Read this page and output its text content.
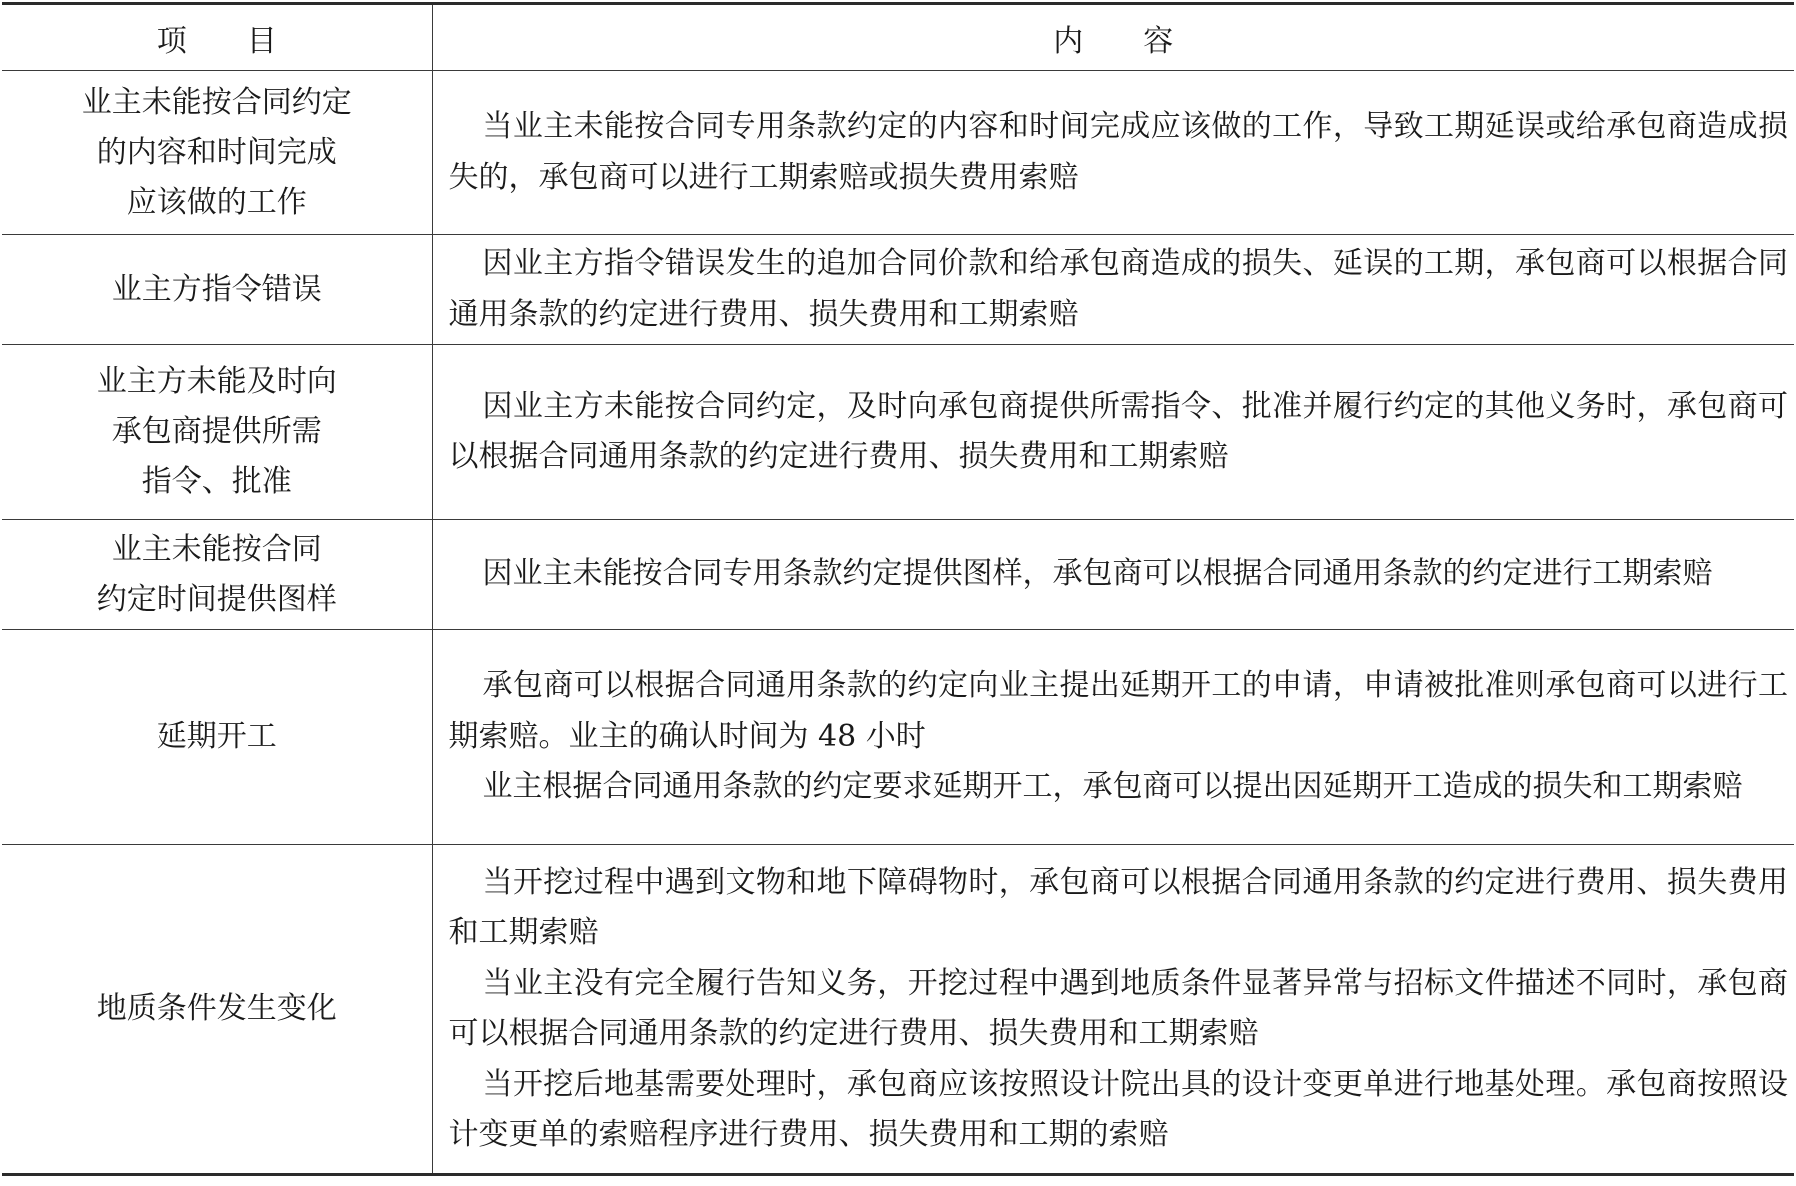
项　　目	内　　容

业主未能按合同约定
的内容和时间完成
应该做的工作	当业主未能按合同专用条款约定的内容和时间完成应该做的工作，导致工期延误或给承包商造成损失的，承包商可以进行工期索赔或损失费用索赔

业主方指令错误	因业主方指令错误发生的追加合同价款和给承包商造成的损失、延误的工期，承包商可以根据合同通用条款的约定进行费用、损失费用和工期索赔

业主方未能及时向
承包商提供所需
指令、批准	因业主方未能按合同约定，及时向承包商提供所需指令、批准并履行约定的其他义务时，承包商可以根据合同通用条款的约定进行费用、损失费用和工期索赔

业主未能按合同
约定时间提供图样	因业主未能按合同专用条款约定提供图样，承包商可以根据合同通用条款的约定进行工期索赔

延期开工	承包商可以根据合同通用条款的约定向业主提出延期开工的申请，申请被批准则承包商可以进行工期索赔。业主的确认时间为 48 小时
业主根据合同通用条款的约定要求延期开工，承包商可以提出因延期开工造成的损失和工期索赔

地质条件发生变化	当开挖过程中遇到文物和地下障碍物时，承包商可以根据合同通用条款的约定进行费用、损失费用和工期索赔
当业主没有完全履行告知义务，开挖过程中遇到地质条件显著异常与招标文件描述不同时，承包商可以根据合同通用条款的约定进行费用、损失费用和工期索赔
当开挖后地基需要处理时，承包商应该按照设计院出具的设计变更单进行地基处理。承包商按照设计变更单的索赔程序进行费用、损失费用和工期的索赔
